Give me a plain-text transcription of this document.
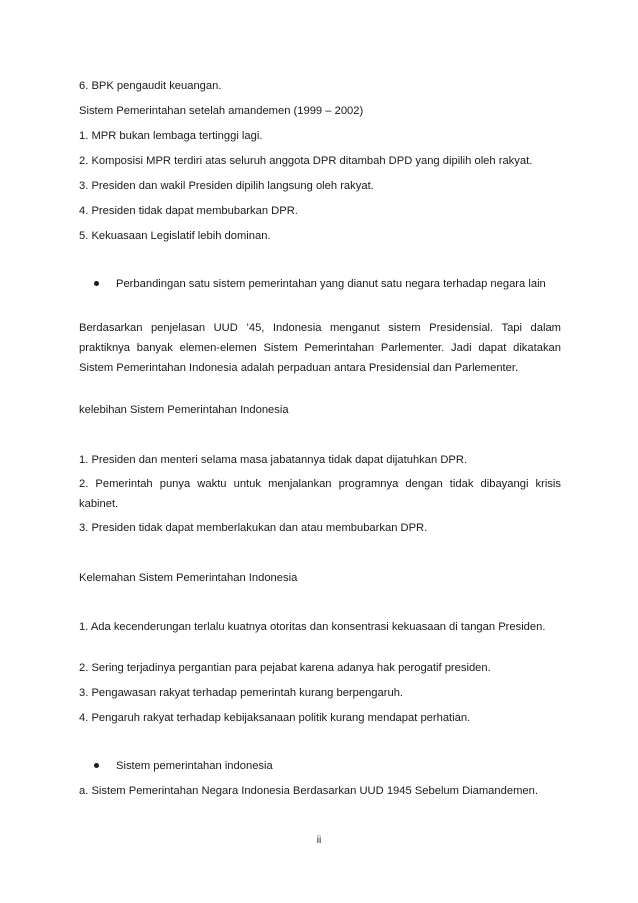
6. BPK pengaudit keuangan.
Sistem Pemerintahan setelah amandemen (1999 – 2002)
1. MPR bukan lembaga tertinggi lagi.
2. Komposisi MPR terdiri atas seluruh anggota DPR ditambah DPD yang dipilih oleh rakyat.
3. Presiden dan wakil Presiden dipilih langsung oleh rakyat.
4. Presiden tidak dapat membubarkan DPR.
5. Kekuasaan Legislatif lebih dominan.
Perbandingan satu sistem pemerintahan yang dianut satu negara terhadap negara lain
Berdasarkan penjelasan UUD ’45, Indonesia menganut sistem Presidensial. Tapi dalam praktiknya banyak elemen-elemen Sistem Pemerintahan Parlementer. Jadi dapat dikatakan Sistem Pemerintahan Indonesia adalah perpaduan antara Presidensial dan Parlementer.
kelebihan Sistem Pemerintahan Indonesia
1. Presiden dan menteri selama masa jabatannya tidak dapat dijatuhkan DPR.
2. Pemerintah punya waktu untuk menjalankan programnya dengan tidak dibayangi krisis kabinet.
3. Presiden tidak dapat memberlakukan dan atau membubarkan DPR.
Kelemahan Sistem Pemerintahan Indonesia
1. Ada kecenderungan terlalu kuatnya otoritas dan konsentrasi kekuasaan di tangan Presiden.
2. Sering terjadinya pergantian para pejabat karena adanya hak perogatif presiden.
3. Pengawasan rakyat terhadap pemerintah kurang berpengaruh.
4. Pengaruh rakyat terhadap kebijaksanaan politik kurang mendapat perhatian.
Sistem pemerintahan indonesia
a. Sistem Pemerintahan Negara Indonesia Berdasarkan UUD 1945 Sebelum Diamandemen.
ii
